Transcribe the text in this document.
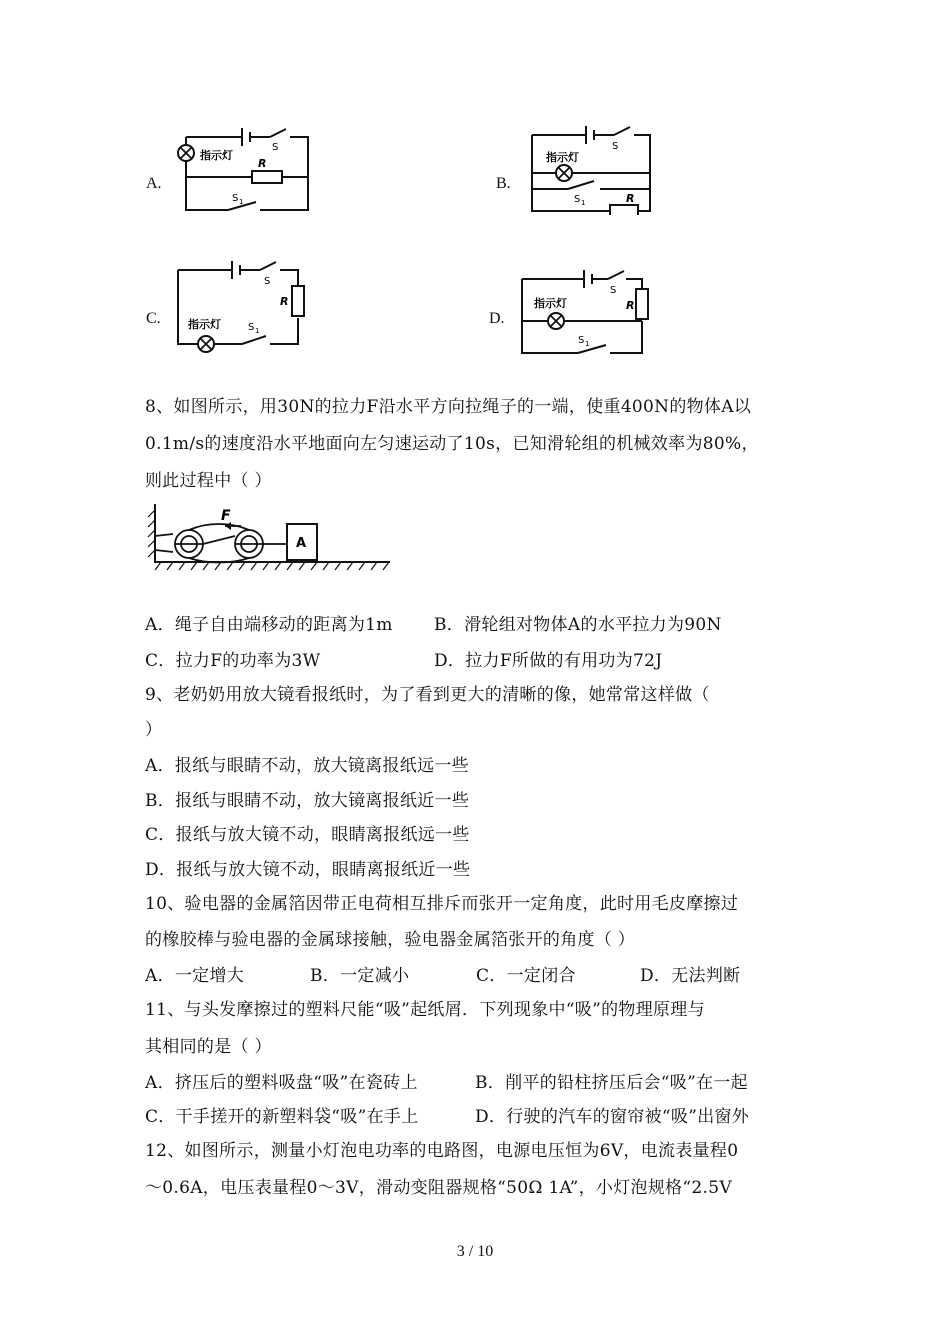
A.	B.
C.	D.
指示灯
R
S
S 1
指示灯
S
S 1	R
指示灯
S
R
S 1
指示灯
S
R
S 1
8、如图所示，用30N的拉力F沿水平方向拉绳子的一端，使重400N的物体A以
0.1m/s的速度沿水平地面向左匀速运动了10s，已知滑轮组的机械效率为80%，
则此过程中（ ）
F
A
A．绳子自由端移动的距离为1m B．滑轮组对物体A的水平拉力为90N
C．拉力F的功率为3W	D．拉力F所做的有用功为72J
9、老奶奶用放大镜看报纸时，为了看到更大的清晰的像，她常常这样做（
）
A．报纸与眼睛不动，放大镜离报纸远一些
B．报纸与眼睛不动，放大镜离报纸近一些
C．报纸与放大镜不动，眼睛离报纸远一些
D．报纸与放大镜不动，眼睛离报纸近一些
10、验电器的金属箔因带正电荷相互排斥而张开一定角度，此时用毛皮摩擦过
的橡胶棒与验电器的金属球接触，验电器金属箔张开的角度（ ）
A．一定增大	B．一定减小	C．一定闭合	D．无法判断
11、与头发摩擦过的塑料尺能“吸”起纸屑．下列现象中“吸”的物理原理与
其相同的是（ ）
A．挤压后的塑料吸盘“吸”在瓷砖上	B．削平的铅柱挤压后会“吸”在一起
C．干手搓开的新塑料袋“吸”在手上	D．行驶的汽车的窗帘被“吸”出窗外
12、如图所示，测量小灯泡电功率的电路图，电源电压恒为6V，电流表量程0
～0.6A，电压表量程0～3V，滑动变阻器规格“50Ω 1A”，小灯泡规格“2.5V
3 / 10
